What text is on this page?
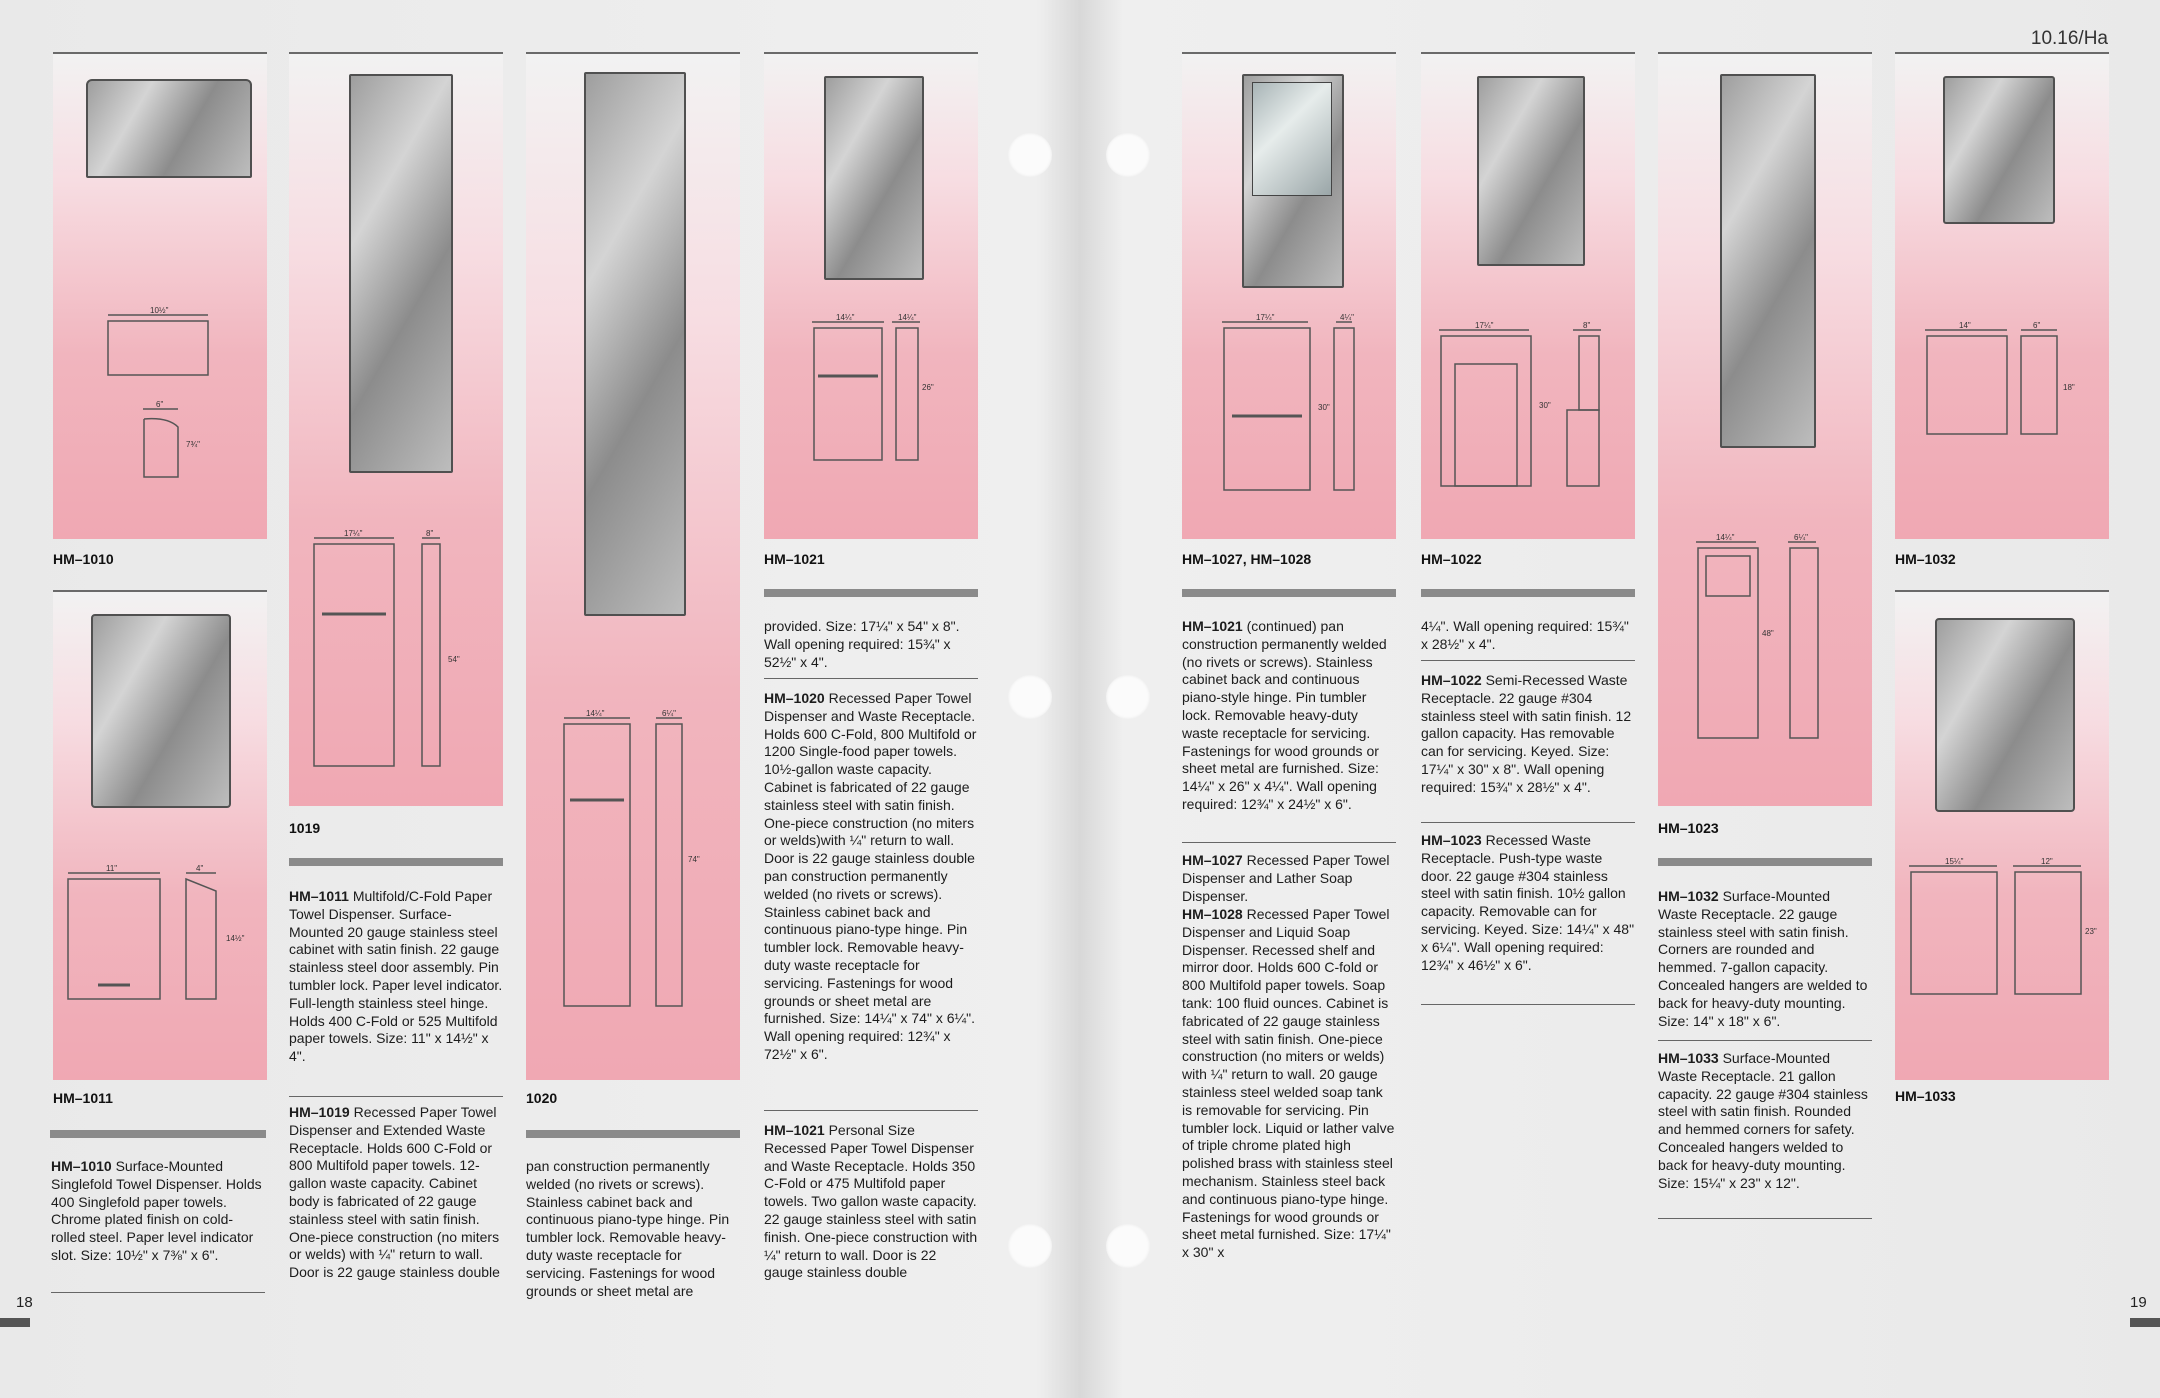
10.16/Ha
18	19
10½"
6"
7¾"
HM–1010
11"	4"
14½"
HM–1011
17¼"	8"
54"
1019
14¼"	6¼"
74"
1020
14¼"	14¼"
26"
HM–1021
17¼"	4¼"
30"
HM–1027, HM–1028
17¼"	8"
30"
HM–1022
14¼"	6¼"
48"
HM–1023
14"	6"
18"
HM–1032
15¼"	12"
23"
HM–1033
HM–1010 Surface-Mounted Singlefold Towel Dispenser. Holds 400 Singlefold paper towels. Chrome plated finish on cold-rolled steel. Paper level indicator slot. Size: 10½" x 7⅜" x 6".
HM–1011 Multifold/C-Fold Paper Towel Dispenser. Surface-Mounted 20 gauge stainless steel cabinet with satin finish. 22 gauge stainless steel door assembly. Pin tumbler lock. Paper level indicator. Full-length stainless steel hinge. Holds 400 C-Fold or 525 Multifold paper towels. Size: 11" x 14½" x 4".
HM–1019 Recessed Paper Towel Dispenser and Extended Waste Receptacle. Holds 600 C-Fold or 800 Multifold paper towels. 12-gallon waste capacity. Cabinet body is fabricated of 22 gauge stainless steel with satin finish. One-piece construction (no miters or welds) with ¼" return to wall. Door is 22 gauge stainless double
pan construction permanently welded (no rivets or screws). Stainless cabinet back and continuous piano-type hinge. Pin tumbler lock. Removable heavy-duty waste receptacle for servicing. Fastenings for wood grounds or sheet metal are
provided. Size: 17¼" x 54" x 8". Wall opening required: 15¾" x 52½" x 4".
HM–1020 Recessed Paper Towel Dispenser and Waste Receptacle. Holds 600 C-Fold, 800 Multifold or 1200 Single-food paper towels. 10½-gallon waste capacity. Cabinet is fabricated of 22 gauge stainless steel with satin finish. One-piece construction (no miters or welds)with ¼" return to wall. Door is 22 gauge stainless double pan construction permanently welded (no rivets or screws). Stainless cabinet back and continuous piano-type hinge. Pin tumbler lock. Removable heavy-duty waste receptacle for servicing. Fastenings for wood grounds or sheet metal are furnished. Size: 14¼" x 74" x 6¼". Wall opening required: 12¾" x 72½" x 6".
HM–1021 Personal Size Recessed Paper Towel Dispenser and Waste Receptacle. Holds 350 C-Fold or 475 Multifold paper towels. Two gallon waste capacity. 22 gauge stainless steel with satin finish. One-piece construction with ¼" return to wall. Door is 22 gauge stainless double
HM–1021 (continued) pan construction permanently welded (no rivets or screws). Stainless cabinet back and continuous piano-style hinge. Pin tumbler lock. Removable heavy-duty waste receptacle for servicing. Fastenings for wood grounds or sheet metal are furnished. Size: 14¼" x 26" x 4¼". Wall opening required: 12¾" x 24½" x 6".
HM–1027 Recessed Paper Towel Dispenser and Lather Soap Dispenser.
HM–1028 Recessed Paper Towel Dispenser and Liquid Soap Dispenser. Recessed shelf and mirror door. Holds 600 C-fold or 800 Multifold paper towels. Soap tank: 100 fluid ounces. Cabinet is fabricated of 22 gauge stainless steel with satin finish. One-piece construction (no miters or welds) with ¼" return to wall. 20 gauge stainless steel welded soap tank is removable for servicing. Pin tumbler lock. Liquid or lather valve of triple chrome plated high polished brass with stainless steel mechanism. Stainless steel back and continuous piano-type hinge. Fastenings for wood grounds or sheet metal furnished. Size: 17¼" x 30" x
4¼". Wall opening required: 15¾" x 28½" x 4".
HM–1022 Semi-Recessed Waste Receptacle. 22 gauge #304 stainless steel with satin finish. 12 gallon capacity. Has removable can for servicing. Keyed. Size: 17¼" x 30" x 8". Wall opening required: 15¾" x 28½" x 4".
HM–1023 Recessed Waste Receptacle. Push-type waste door. 22 gauge #304 stainless steel with satin finish. 10½ gallon capacity. Removable can for servicing. Keyed. Size: 14¼" x 48" x 6¼". Wall opening required: 12¾" x 46½" x 6".
HM–1032 Surface-Mounted Waste Receptacle. 22 gauge stainless steel with satin finish. Corners are rounded and hemmed. 7-gallon capacity. Concealed hangers are welded to back for heavy-duty mounting. Size: 14" x 18" x 6".
HM–1033 Surface-Mounted Waste Receptacle. 21 gallon capacity. 22 gauge #304 stainless steel with satin finish. Rounded and hemmed corners for safety. Concealed hangers welded to back for heavy-duty mounting. Size: 15¼" x 23" x 12".
